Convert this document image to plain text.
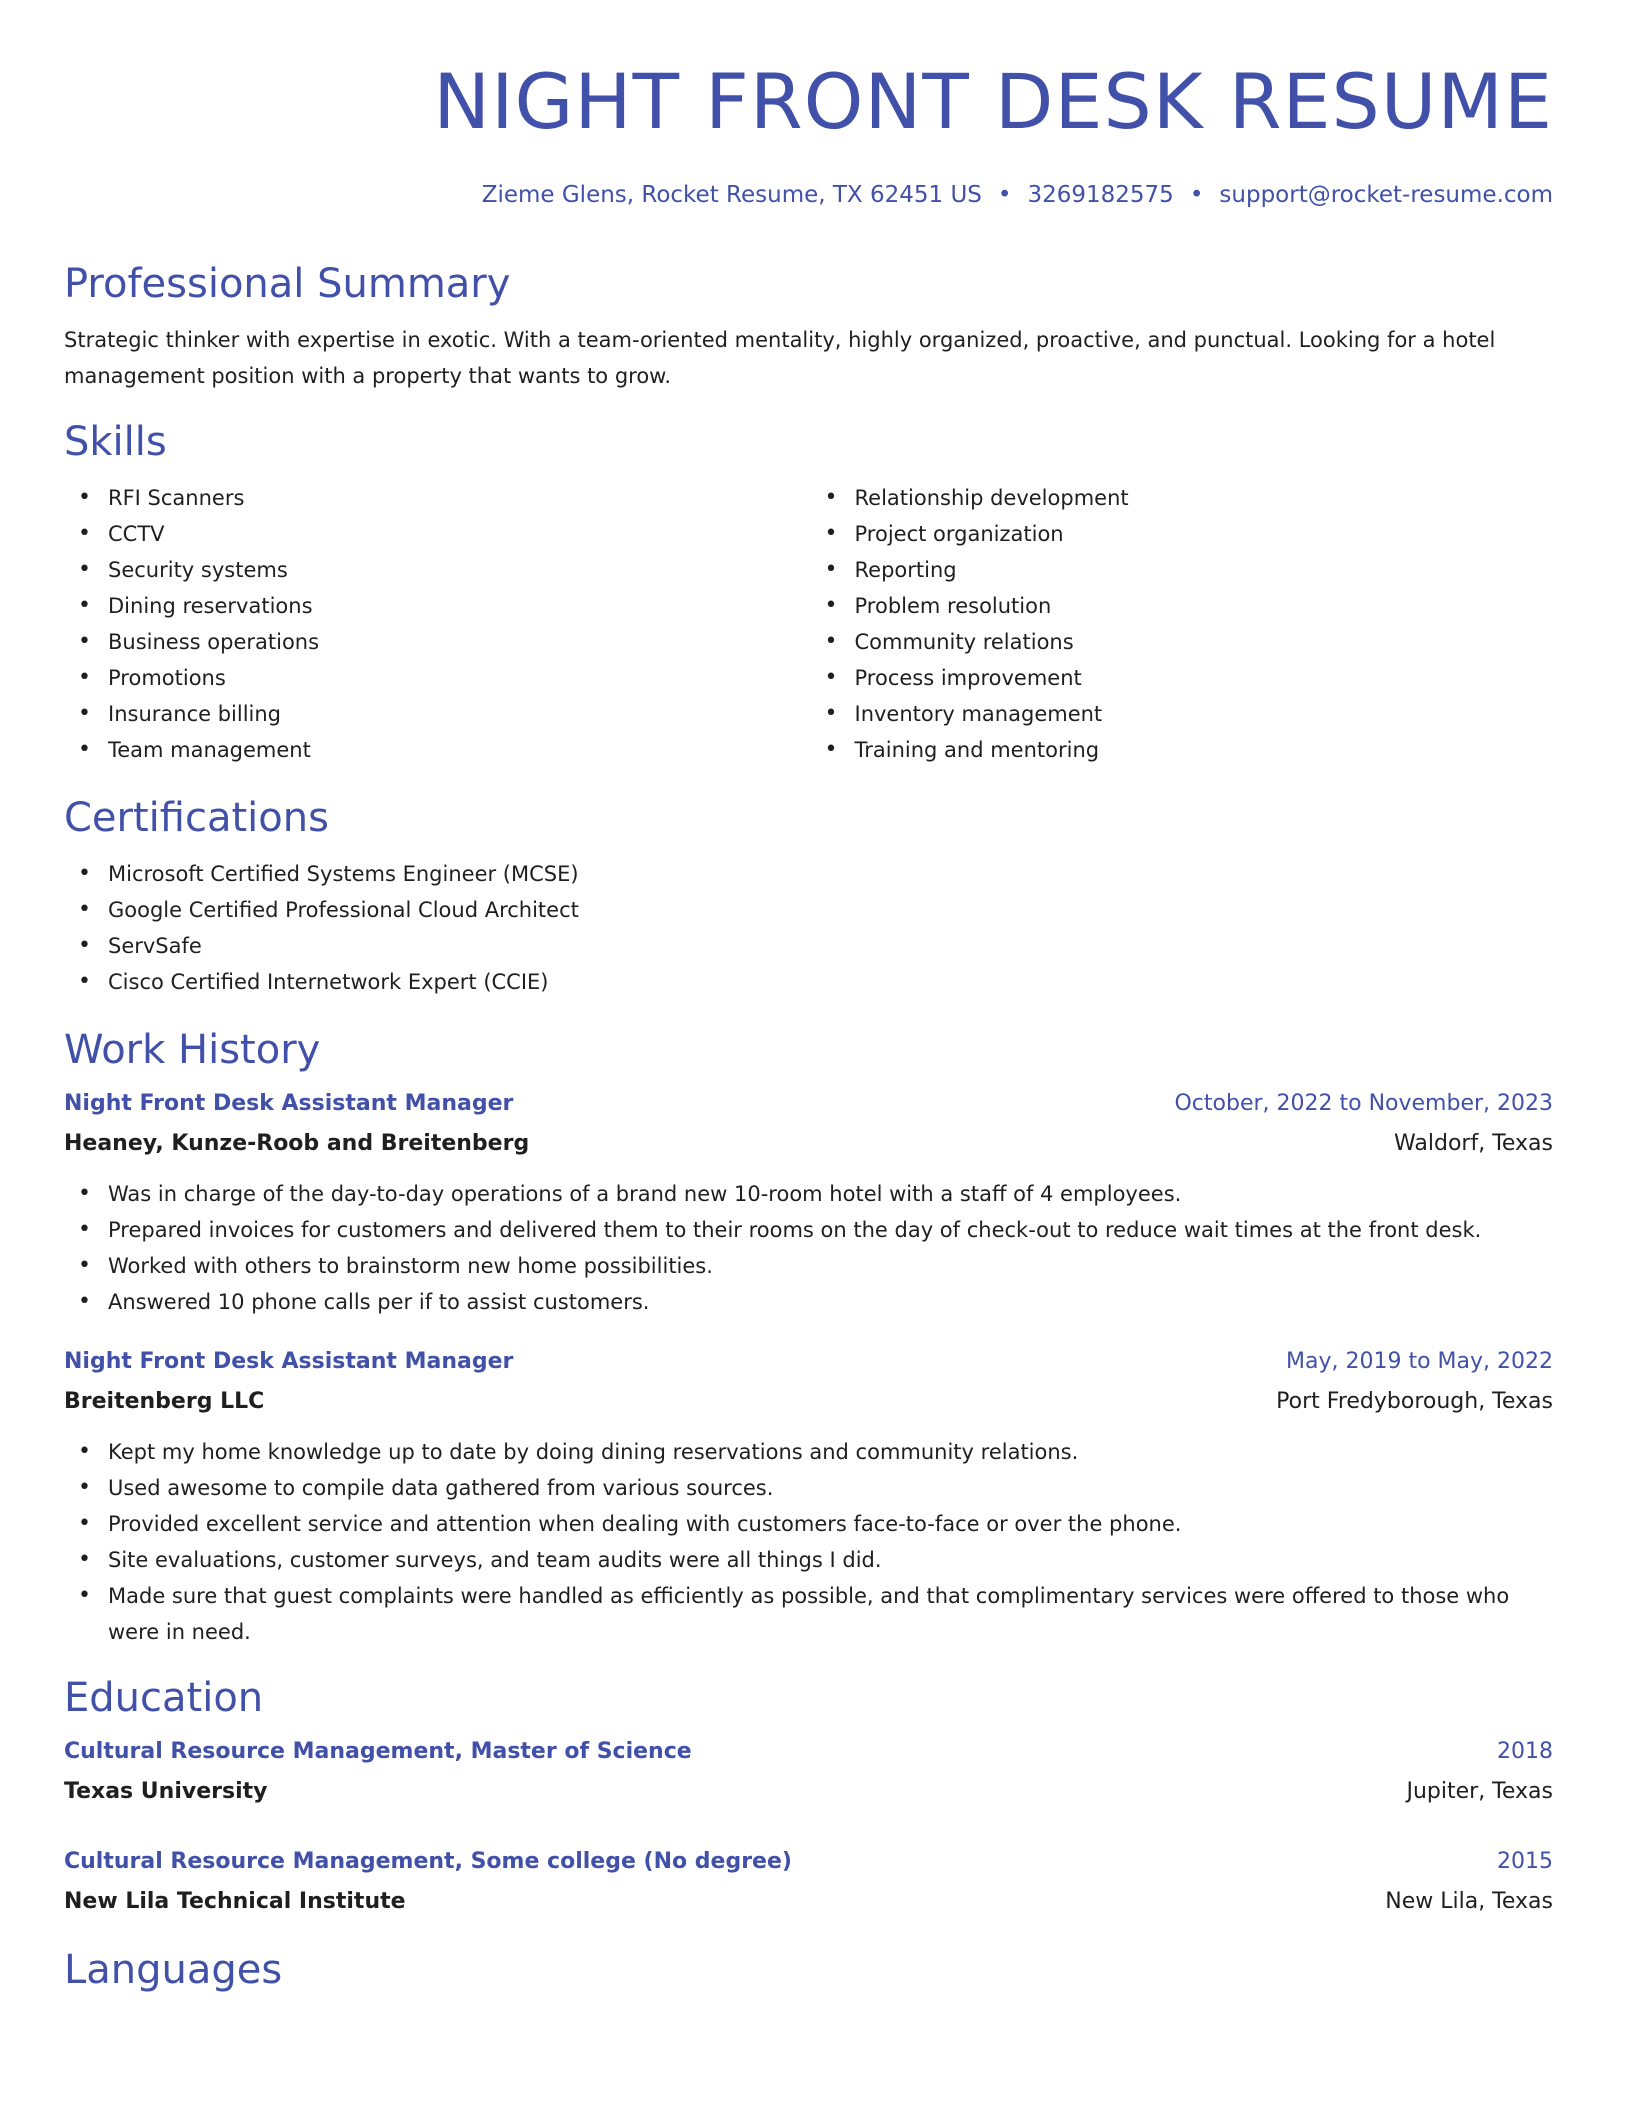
NIGHT FRONT DESK RESUME
Zieme Glens, Rocket Resume, TX 62451 US • 3269182575 • support@rocket-resume.com
Professional Summary

Strategic thinker with expertise in exotic. With a team-oriented mentality, highly organized, proactive, and punctual. Looking for a hotel management position with a property that wants to grow.

Skills
• RFI Scanners
• CCTV
• Security systems
• Dining reservations
• Business operations
• Promotions
• Insurance billing
• Team management
• Relationship development
• Project organization
• Reporting
• Problem resolution
• Community relations
• Process improvement
• Inventory management
• Training and mentoring
Certifications
• Microsoft Certified Systems Engineer (MCSE)
• Google Certified Professional Cloud Architect
• ServSafe
• Cisco Certified Internetwork Expert (CCIE)
Work History
Night Front Desk Assistant Manager	October, 2022 to November, 2023
Heaney, Kunze-Roob and Breitenberg	Waldorf, Texas
• Was in charge of the day-to-day operations of a brand new 10-room hotel with a staff of 4 employees.
• Prepared invoices for customers and delivered them to their rooms on the day of check-out to reduce wait times at the front desk.
• Worked with others to brainstorm new home possibilities.
• Answered 10 phone calls per if to assist customers.
Night Front Desk Assistant Manager	May, 2019 to May, 2022
Breitenberg LLC	Port Fredyborough, Texas
• Kept my home knowledge up to date by doing dining reservations and community relations.
• Used awesome to compile data gathered from various sources.
• Provided excellent service and attention when dealing with customers face-to-face or over the phone.
• Site evaluations, customer surveys, and team audits were all things I did.
• Made sure that guest complaints were handled as efficiently as possible, and that complimentary services were offered to those who were in need.
Education
Cultural Resource Management, Master of Science	2018
Texas University	Jupiter, Texas
Cultural Resource Management, Some college (No degree)	2015
New Lila Technical Institute	New Lila, Texas
Languages
